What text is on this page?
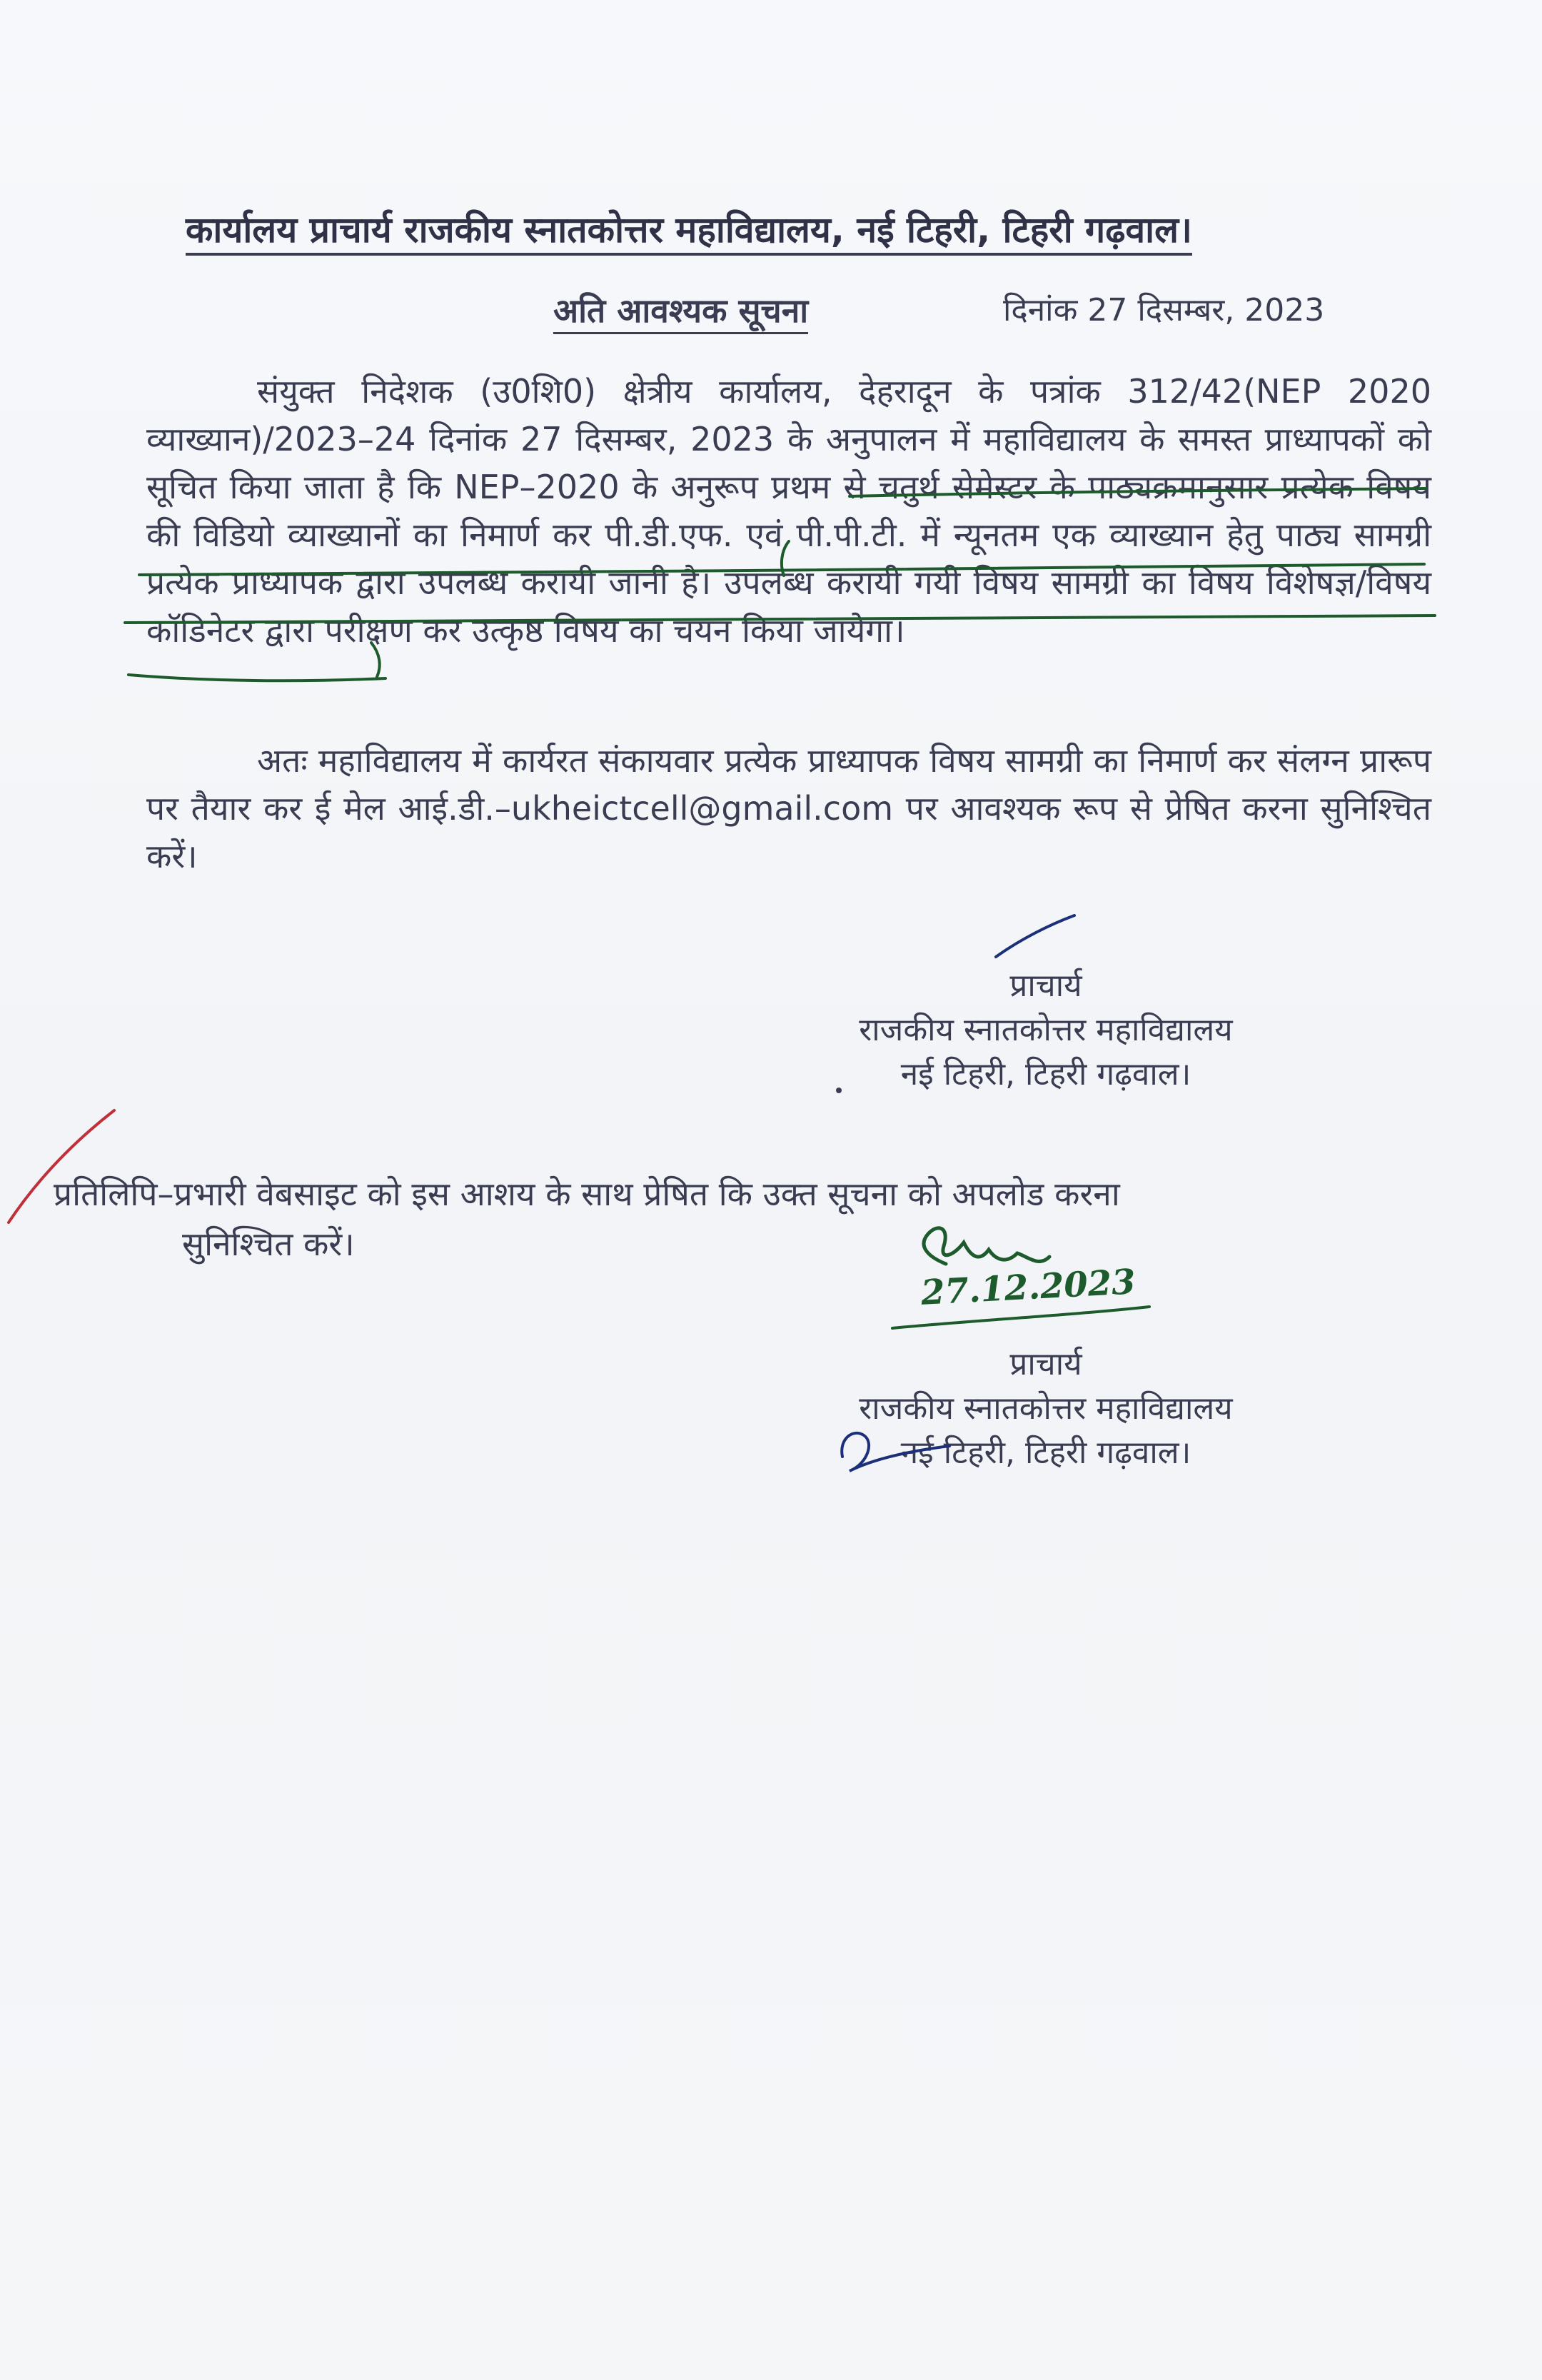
कार्यालय प्राचार्य राजकीय स्नातकोत्तर महाविद्यालय, नई टिहरी, टिहरी गढ़वाल।
अति आवश्यक सूचना	दिनांक 27 दिसम्बर, 2023
संयुक्त निदेशक (उ0शि0) क्षेत्रीय कार्यालय, देहरादून के पत्रांक 312/42(NEP 2020 व्याख्यान)/2023–24 दिनांक 27 दिसम्बर, 2023 के अनुपालन में महाविद्यालय के समस्त प्राध्यापकों को सूचित किया जाता है कि NEP–2020 के अनुरूप प्रथम से चतुर्थ सेमेस्टर के पाठ्यक्रमानुसार प्रत्येक विषय की विडियो व्याख्यानों का निमार्ण कर पी.डी.एफ. एवं पी.पी.टी. में न्यूनतम एक व्याख्यान हेतु पाठ्य सामग्री प्रत्येक प्राध्यापक द्वारा उपलब्ध करायी जानी है। उपलब्ध करायी गयी विषय सामग्री का विषय विशेषज्ञ/विषय कॉडिनेटर द्वारा परीक्षण कर उत्कृष्ठ विषय का चयन किया जायेगा।
अतः महाविद्यालय में कार्यरत संकायवार प्रत्येक प्राध्यापक विषय सामग्री का निमार्ण कर संलग्न प्रारूप पर तैयार कर ई मेल आई.डी.–ukheictcell@gmail.com पर आवश्यक रूप से प्रेषित करना सुनिश्चित करें।
प्राचार्य
राजकीय स्नातकोत्तर महाविद्यालय
नई टिहरी, टिहरी गढ़वाल।
प्रतिलिपि–प्रभारी वेबसाइट को इस आशय के साथ प्रेषित कि उक्त सूचना को अपलोड करना
सुनिश्चित करें।
27.12.2023
प्राचार्य
राजकीय स्नातकोत्तर महाविद्यालय
नई टिहरी, टिहरी गढ़वाल।
